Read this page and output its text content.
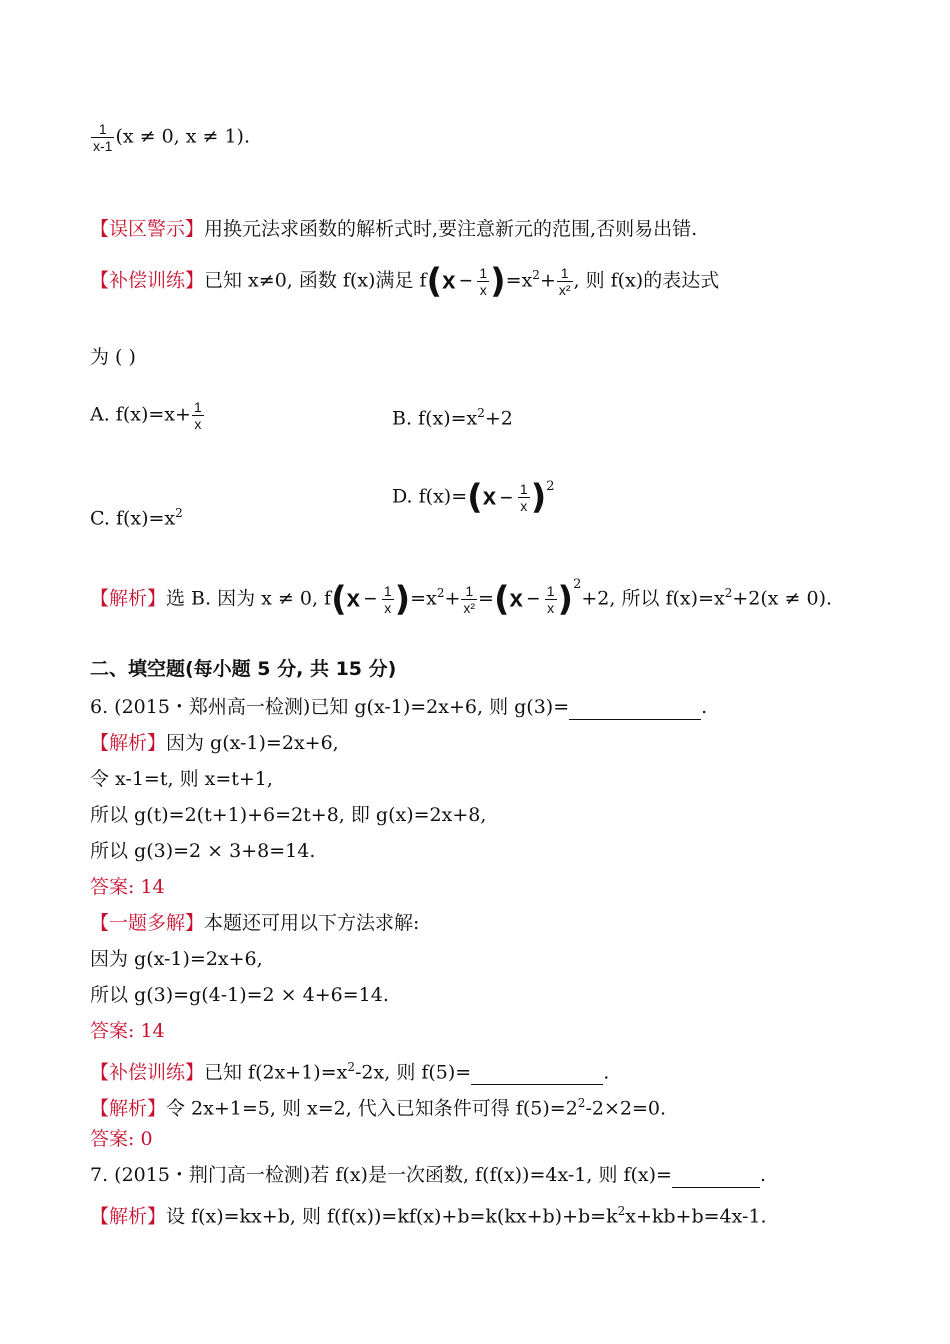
$\frac{1}{x-1} (x \ne 0$, x ≠ 1).
【误区警示】用换元法求函数的解析式时,要注意新元的范围,否则易出错.
【补偿训练】已知 x≠0, 函数 f(x)满足 $f(x - \frac{1}{x} )=x^2+ \frac{1}{\text{x²}}$ , 则 f(x)的表达式
为 ( )
A. $f(x)=x+ \frac{1}{x}$	B. $f(x)=x^2+2$
C. $f(x)=x^2$
D. $f(x)=(x - \frac{1}{x} )^2$
【解析】选 B. 因为 x ≠ 0, $f(x - \frac{1}{x} )=x^2+ \frac{1}{\text{x²}} =(x - \frac{1}{x} )^2+2$, 所以 $f(x)=x^2+2(x \ne 0)$.
二、填空题(每小题 5 分, 共 15 分)
6. (2015・郑州高一检测)已知 g(x-1)=2x+6, 则 g(3)=	.
【解析】因为 g(x-1)=2x+6,
令 x-1=t, 则 x=t+1,
所以 g(t)=2(t+1)+6=2t+8, 即 g(x)=2x+8,
所以 g(3)=2 × 3+8=14.
答案: 14
【一题多解】本题还可用以下方法求解:
因为 g(x-1)=2x+6,
所以 g(3)=g(4-1)=2 × 4+6=14.
答案: 14
【补偿训练】已知 $f(2x+1)=x^2-2x$, 则 f(5)=	.
【解析】令 2x+1=5, 则 x=2, 代入已知条件可得 $f(5)=2^2-2\times 2=0$.
答案: 0
7. (2015・荆门高一检测)若 f(x)是一次函数, f(f(x))=4x-1, 则 f(x)=	.
【解析】设 f(x)=kx+b, 则 $f(f(x))=kf(x)+b=k(kx+b)+b=k^2x+kb+b=4x-1$.
